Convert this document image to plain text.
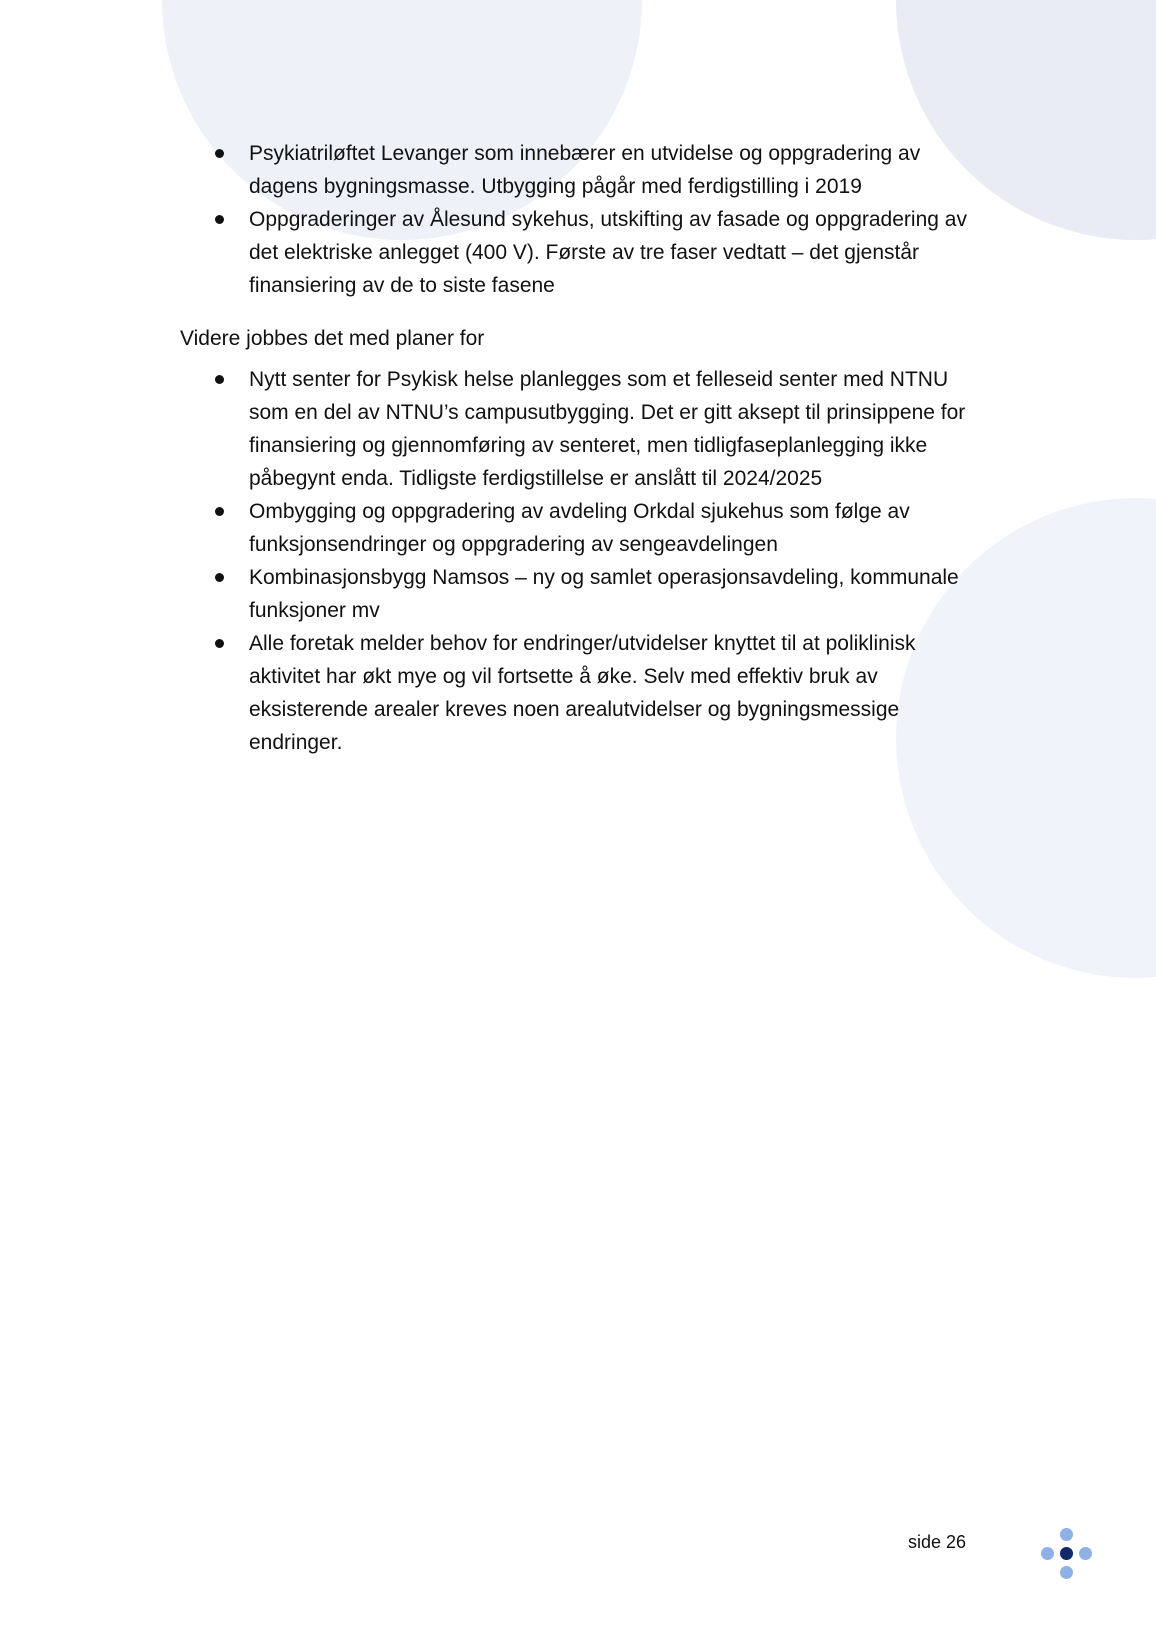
Psykiatriløftet Levanger som innebærer en utvidelse og oppgradering av dagens bygningsmasse. Utbygging pågår med ferdigstilling i 2019
Oppgraderinger av Ålesund sykehus, utskifting av fasade og oppgradering av det elektriske anlegget (400 V). Første av tre faser vedtatt – det gjenstår finansiering av de to siste fasene

Videre jobbes det med planer for

Nytt senter for Psykisk helse planlegges som et felleseid senter med NTNU som en del av NTNU’s campusutbygging. Det er gitt aksept til prinsippene for finansiering og gjennomføring av senteret, men tidligfaseplanlegging ikke påbegynt enda. Tidligste ferdigstillelse er anslått til 2024/2025
Ombygging og oppgradering av avdeling Orkdal sjukehus som følge av funksjonsendringer og oppgradering av sengeavdelingen
Kombinasjonsbygg Namsos – ny og samlet operasjonsavdeling, kommunale funksjoner mv
Alle foretak melder behov for endringer/utvidelser knyttet til at poliklinisk aktivitet har økt mye og vil fortsette å øke. Selv med effektiv bruk av eksisterende arealer kreves noen arealutvidelser og bygningsmessige endringer.
side 26
